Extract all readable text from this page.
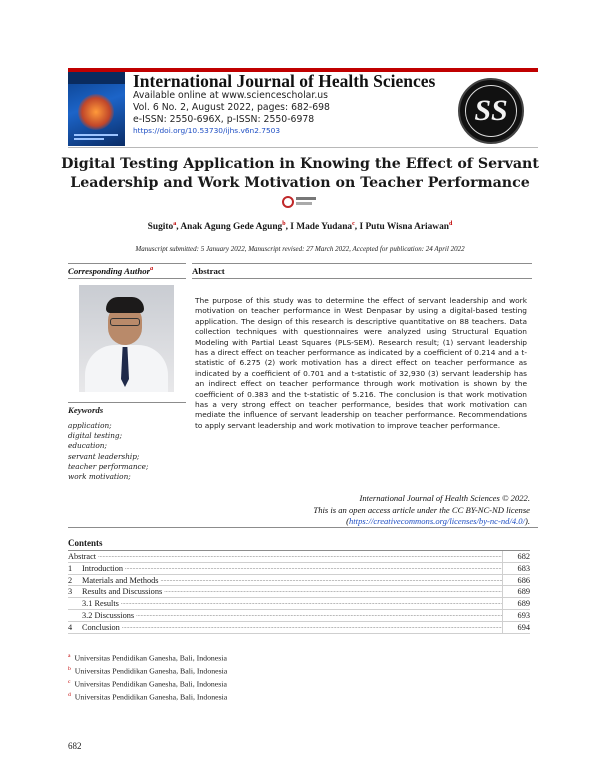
International Journal of Health Sciences
Available online at www.sciencescholar.us
Vol. 6 No. 2, August 2022, pages: 682-698
e-ISSN: 2550-696X, p-ISSN: 2550-6978
https://doi.org/10.53730/ijhs.v6n2.7503
SS
Digital Testing Application in Knowing the Effect of Servant
Leadership and Work Motivation on Teacher Performance
Sugito$^a$, Anak Agung Gede Agung$^b$, I Made Yudana$^c$, I Putu Wisna Ariawan$^d$
Manuscript submitted: 5 January 2022, Manuscript revised: 27 March 2022, Accepted for publication: 24 April 2022
Corresponding Author$^a$
Keywords
application;
digital testing;
education;
servant leadership;
teacher performance;
work motivation;
Abstract
The purpose of this study was to determine the effect of servant leadership and work motivation on teacher performance in West Denpasar by using a digital-based testing application. The design of this research is descriptive quantitative on 88 teachers. Data collection techniques with questionnaires were analyzed using Structural Equation Modeling with Partial Least Squares (PLS-SEM). Research result; (1) servant leadership has a direct effect on teacher performance as indicated by a coefficient of 0.214 and a t-statistic of 6.275 (2) work motivation has a direct effect on teacher performance as indicated by a coefficient of 0.701 and a t-statistic of 32,930 (3) servant leadership has an indirect effect on teacher performance through work motivation is shown by the coefficient of 0.383 and the t-statistic of 5.216. The conclusion is that work motivation has a very strong effect on teacher performance, besides that work motivation can mediate the influence of servant leadership on teacher performance. Recommendations to apply servant leadership and work motivation to improve teacher performance.
International Journal of Health Sciences © 2022.
This is an open access article under the CC BY-NC-ND license
(https://creativecommons.org/licenses/by-nc-nd/4.0/).
Contents
Abstract .....	682
1	Introduction .....	683
2	Materials and Methods .....	686
3	Results and Discussions .....	689
3.1 Results .....	689
3.2 Discussions .....	693
4	Conclusion .....	694
$^a$ Universitas Pendidikan Ganesha, Bali, Indonesia
$^b$ Universitas Pendidikan Ganesha, Bali, Indonesia
$^c$ Universitas Pendidikan Ganesha, Bali, Indonesia
$^d$ Universitas Pendidikan Ganesha, Bali, Indonesia
682
